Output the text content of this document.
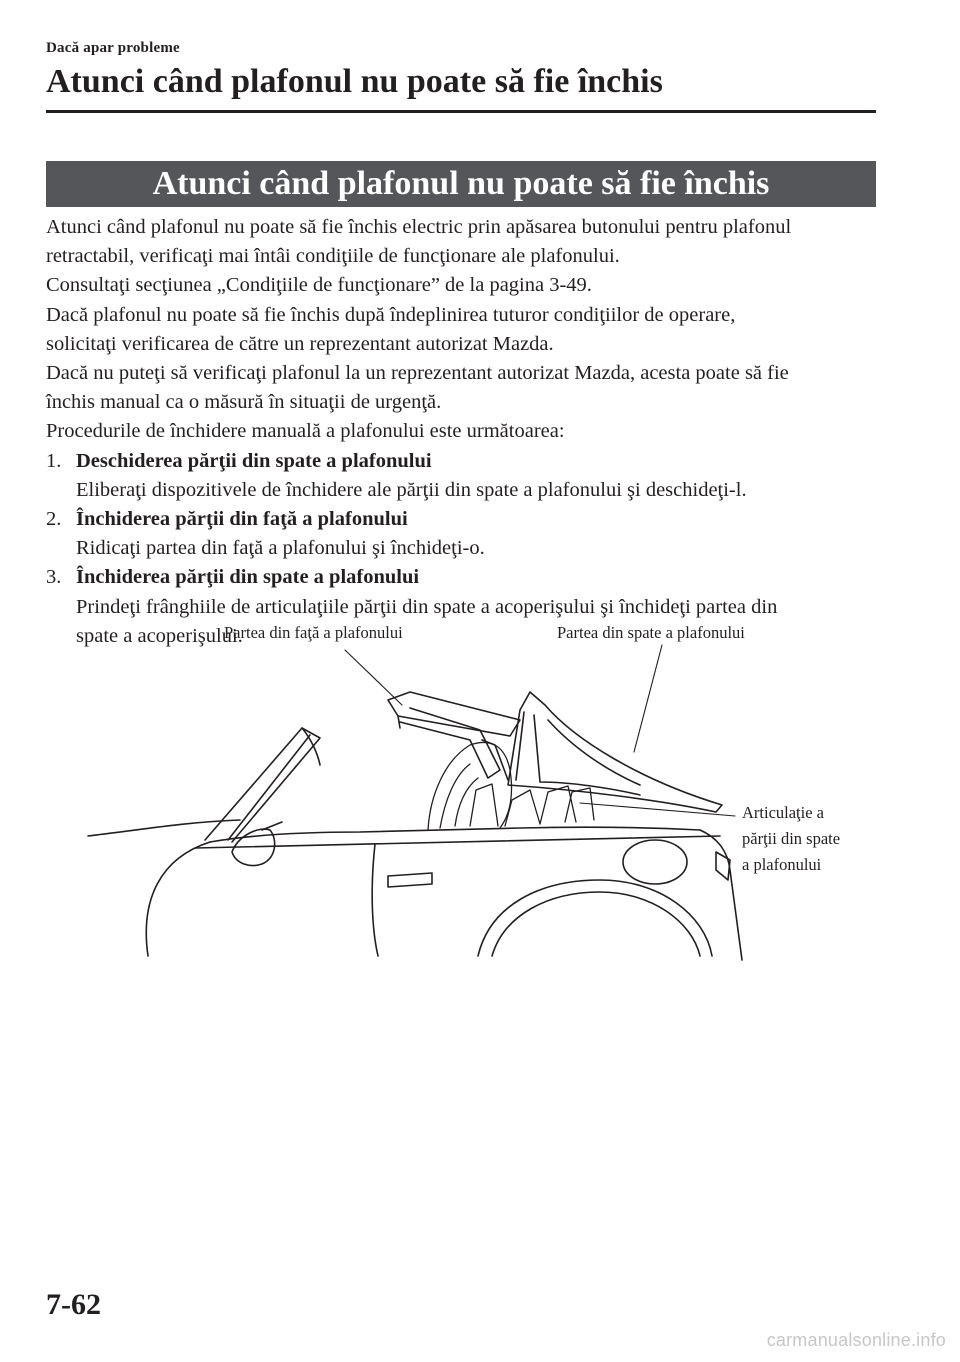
Dacă apar probleme
Atunci când plafonul nu poate să fie închis
Atunci când plafonul nu poate să fie închis

Atunci când plafonul nu poate să fie închis electric prin apăsarea butonului pentru plafonul

retractabil, verificaţi mai întâi condiţiile de funcţionare ale plafonului.

Consultaţi secţiunea „Condiţiile de funcţionare” de la pagina 3-49.

Dacă plafonul nu poate să fie închis după îndeplinirea tuturor condiţiilor de operare,

solicitaţi verificarea de către un reprezentant autorizat Mazda.

Dacă nu puteţi să verificaţi plafonul la un reprezentant autorizat Mazda, acesta poate să fie

închis manual ca o măsură în situaţii de urgenţă.

Procedurile de închidere manuală a plafonului este următoarea:

1. Deschiderea părţii din spate a plafonului
Eliberaţi dispozitivele de închidere ale părţii din spate a plafonului şi deschideţi-l.
2. Închiderea părţii din faţă a plafonului
Ridicaţi partea din faţă a plafonului şi închideţi-o.
3. Închiderea părţii din spate a plafonului
Prindeţi frânghiile de articulaţiile părţii din spate a acoperişului şi închideţi partea din
spate a acoperişului.
Partea din faţă a plafonului	Partea din spate a plafonului
Articulaţie a
părţii din spate
a plafonului
7-62
carmanualsonline.info
